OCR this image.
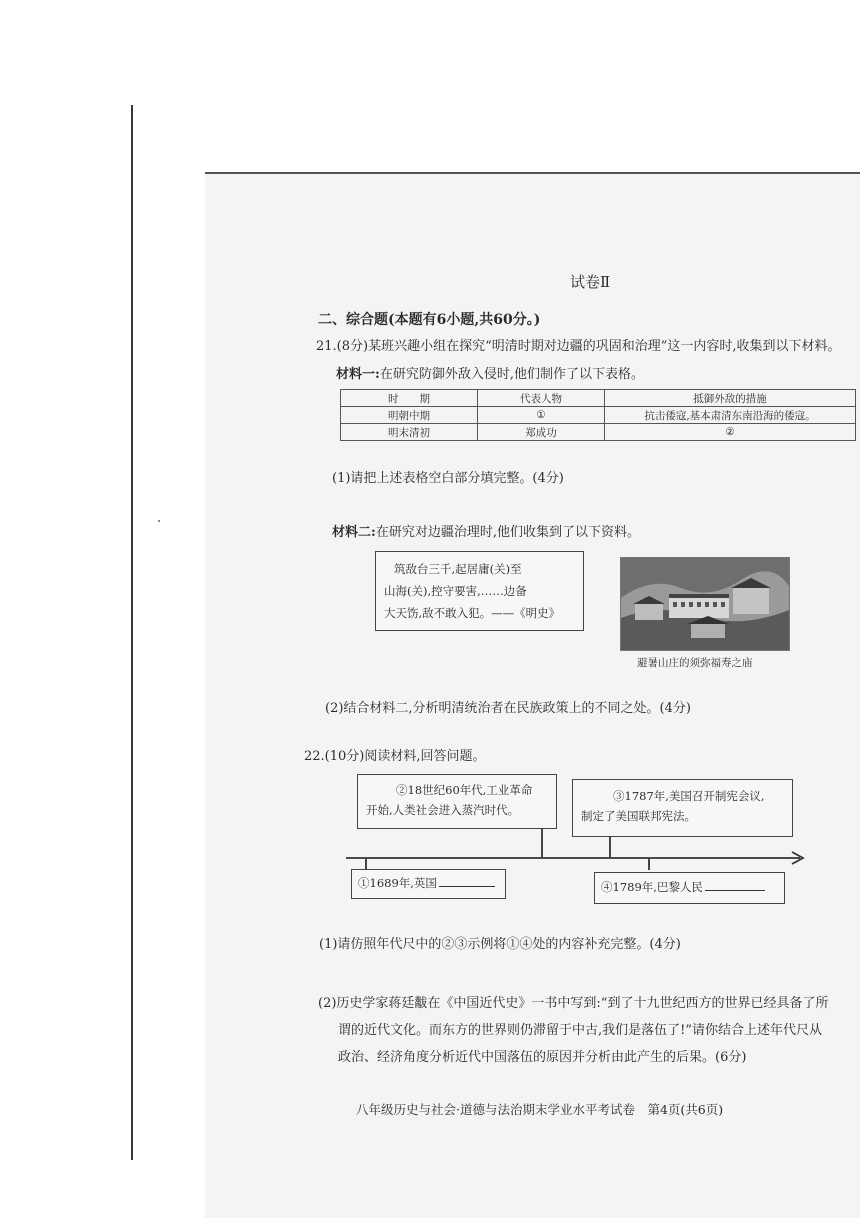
试卷Ⅱ
二、综合题(本题有6小题,共60分。)
21.(8分)某班兴趣小组在探究“明清时期对边疆的巩固和治理”这一内容时,收集到以下材料。
材料一:在研究防御外敌入侵时,他们制作了以下表格。
时　　期	代表人物	抵御外敌的措施
明朝中期	①	抗击倭寇,基本肃清东南沿海的倭寇。
明末清初	郑成功	②
(1)请把上述表格空白部分填完整。(4分)
材料二:在研究对边疆治理时,他们收集到了以下资料。
筑敌台三千,起居庸(关)至
山海(关),控守要害,……边备
大天饬,敌不敢入犯。——《明史》
避暑山庄的须弥福寿之庙
(2)结合材料二,分析明清统治者在民族政策上的不同之处。(4分)
22.(10分)阅读材料,回答问题。
②18世纪60年代,工业革命
开始,人类社会进入蒸汽时代。
③1787年,美国召开制宪会议,
制定了美国联邦宪法。
①1689年,英国	④1789年,巴黎人民
(1)请仿照年代尺中的②③示例将①④处的内容补充完整。(4分)
(2)历史学家蒋廷黻在《中国近代史》一书中写到:“到了十九世纪西方的世界已经具备了所
谓的近代文化。而东方的世界则仍滞留于中古,我们是落伍了!”请你结合上述年代尺从
政治、经济角度分析近代中国落伍的原因并分析由此产生的后果。(6分)
八年级历史与社会·道德与法治期末学业水平考试卷　第4页(共6页)
